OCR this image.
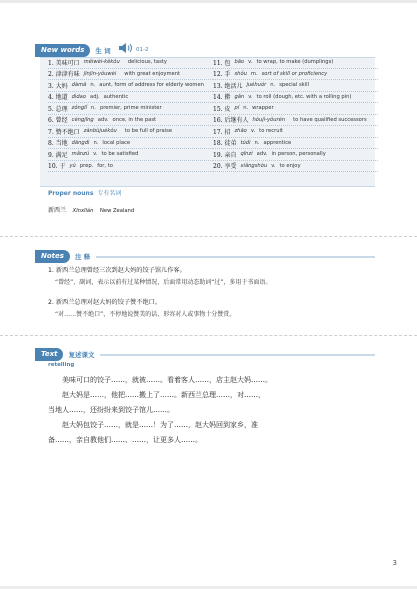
New words	生 词	01-2
1. 美味可口 měiwèi-kěkǒu delicious, tasty
2. 津津有味 jīnjīn-yǒuwèi with great enjoyment
3. 大妈 dàmā n. aunt, form of address for elderly women
4. 地道 dìdao adj. authentic
5. 总理 zǒnglǐ n. premier, prime minister
6. 曾经 céngjīng adv. once, in the past
7. 赞不绝口 zànbùjuékǒu to be full of praise
8. 当地 dāngdì n. local place
9. 满足 mǎnzú v. to be satisfied
10. 于 yú prep. for, to
11. 包 bāo v. to wrap, to make (dumplings)
12. 手 shǒu m. sort of skill or proficiency
13. 绝活儿 juéhuór n. special skill
14. 擀 gǎn v. to roll (dough, etc. with a rolling pin)
15. 皮 pí n. wrapper
16. 后继有人 hòujì-yǒurén to have qualified successors
17. 招 zhāo v. to recruit
18. 徒弟 túdì n. apprentice
19. 亲自 qīnzì adv. in person, personally
20. 享受 xiǎngshòu v. to enjoy
Proper nouns 专有名词
新西兰 Xīnxīlán New Zealand
Notes	注 释
1. 新西兰总理曾经三次到赵大妈的饺子馆儿作客。
“曾经”，副词，表示以前有过某种情况，后面常用动态助词“过”，多用于书面语。
2. 新西兰总理对赵大妈的饺子赞不绝口。
“对……赞不绝口”，不停地说赞美的话，形容对人或事物十分赞赏。
Text	复述课文
retelling
美味可口的饺子……，就被……。看着客人……，店主赵大妈……。
赵大妈是……，他把……搬上了……。新西兰总理……，对……，
当地人……，还纷纷来到饺子馆儿……。
赵大妈包饺子……，就是……！为了……，赵大妈回到家乡，准
备……，亲自教他们……、……，让更多人……。
3
